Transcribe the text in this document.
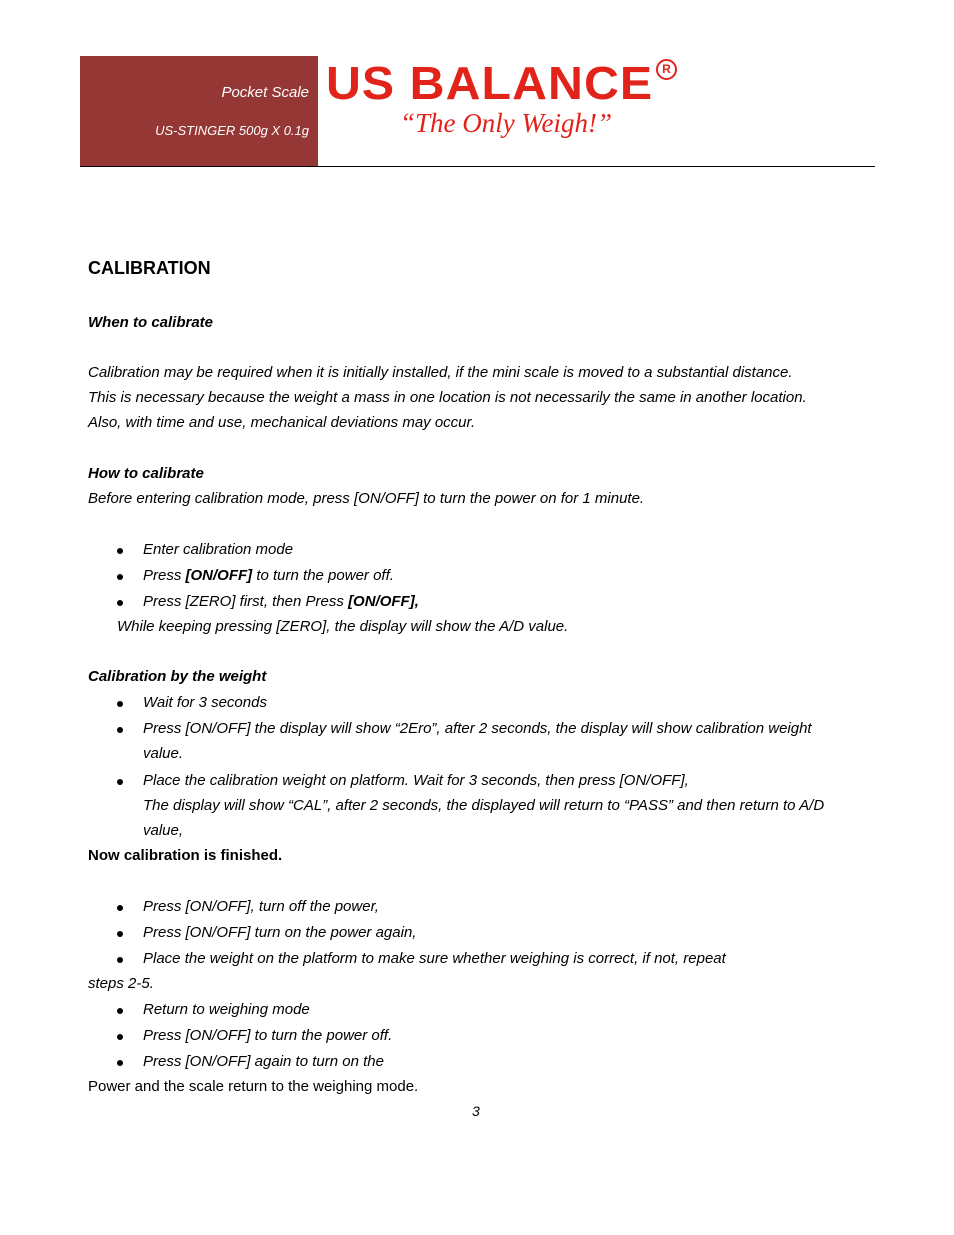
Pocket Scale
US-STINGER 500g X 0.1g
US BALANCE R
“The Only Weigh!”
CALIBRATION
When to calibrate
Calibration may be required when it is initially installed, if the mini scale is moved to a substantial distance.
This is necessary because the weight a mass in one location is not necessarily the same in another location.
Also, with time and use, mechanical deviations may occur.
How to calibrate
Before entering calibration mode, press [ON/OFF] to turn the power on for 1 minute.
Enter calibration mode
Press [ON/OFF] to turn the power off.
Press [ZERO] first, then Press [ON/OFF],
While keeping pressing [ZERO], the display will show the A/D value.
Calibration by the weight
Wait for 3 seconds
Press [ON/OFF] the display will show “2Ero”, after 2 seconds, the display will show calibration weight
value.
Place the calibration weight on platform. Wait for 3 seconds, then press [ON/OFF],
The display will show “CAL”, after 2 seconds, the displayed will return to “PASS” and then return to A/D
value,
Now calibration is finished.
Press [ON/OFF], turn off the power,
Press [ON/OFF] turn on the power again,
Place the weight on the platform to make sure whether weighing is correct, if not, repeat
steps 2-5.
Return to weighing mode
Press [ON/OFF] to turn the power off.
Press [ON/OFF] again to turn on the
Power and the scale return to the weighing mode.
3
